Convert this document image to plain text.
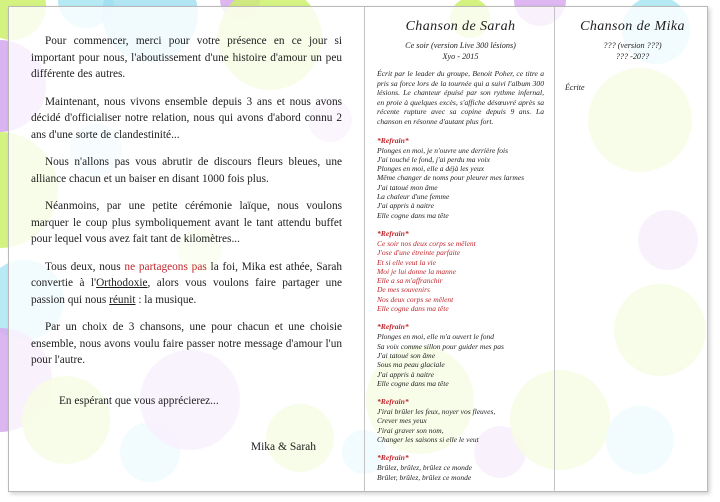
Pour commencer, merci pour votre présence en ce jour si important pour nous, l'aboutissement d'une histoire d'amour un peu différente des autres.

Maintenant, nous vivons ensemble depuis 3 ans et nous avons décidé d'officialiser notre relation, nous qui avons d'abord connu 2 ans d'une sorte de clandestinité...

Nous n'allons pas vous abrutir de discours fleurs bleues, une alliance chacun et un baiser en disant 1000 fois plus.

Néanmoins, par une petite cérémonie laïque, nous voulons marquer le coup plus symboliquement avant le tant attendu buffet pour lequel vous avez fait tant de kilomètres...

Tous deux, nous ne partageons pas la foi, Mika est athée, Sarah convertie à l'Orthodoxie, alors vous voulons faire partager une passion qui nous réunit : la musique.

Par un choix de 3 chansons, une pour chacun et une choisie ensemble, nous avons voulu faire passer notre message d'amour l'un pour l'autre.

En espérant que vous apprécierez...

Mika & Sarah

Chanson de Sarah
Ce soir (version Live 300 lésions)
Xyo - 2015
Écrit par le leader du groupe, Benoit Poher, ce titre a pris sa force lors de la tournée qui a suivi l'album 300 lésions. Le chanteur épuisé par son rythme infernal, en proie à quelques excès, s'affiche désœuvré après sa récente rupture avec sa copine depuis 9 ans. La chanson en résonne d'autant plus fort.
*Refrain*
Plonges en moi, je n'ouvre une derrière fois
J'ai touché le fond, j'ai perdu ma voix
Plonges en moi, elle a déjà les yeux
Même changer de noms pour pleurer mes larmes
J'ai tatoué mon âme
La chaleur d'une femme
J'ai appris à naitre
Elle cogne dans ma tête
*Refrain*
Ce soir nos deux corps se mêlent
J'ose d'une étreinte parfaite
Et si elle veut la vie
Moi je lui donne la manne
Elle a sa m'affranchir
De mes souvenirs
Nos deux corps se mêlent
Elle cogne dans ma tête
*Refrain*
Plonges en moi, elle m'a ouvert le fond
Sa voix comme sillon pour guider mes pas
J'ai tatoué son âme
Sous ma peau glaciale
J'ai appris à naitre
Elle cogne dans ma tête
*Refrain*
J'irai brûler les feux, noyer vos fleuves,
Crever mes yeux
J'irai graver son nom,
Changer les saisons si elle le veut
*Refrain*
Brûlez, brûlez, brûlez ce monde
Brûler, brûlez, brûlez ce monde
Chanson de Mika
??? (version ???)
??? -20??
Écrite
